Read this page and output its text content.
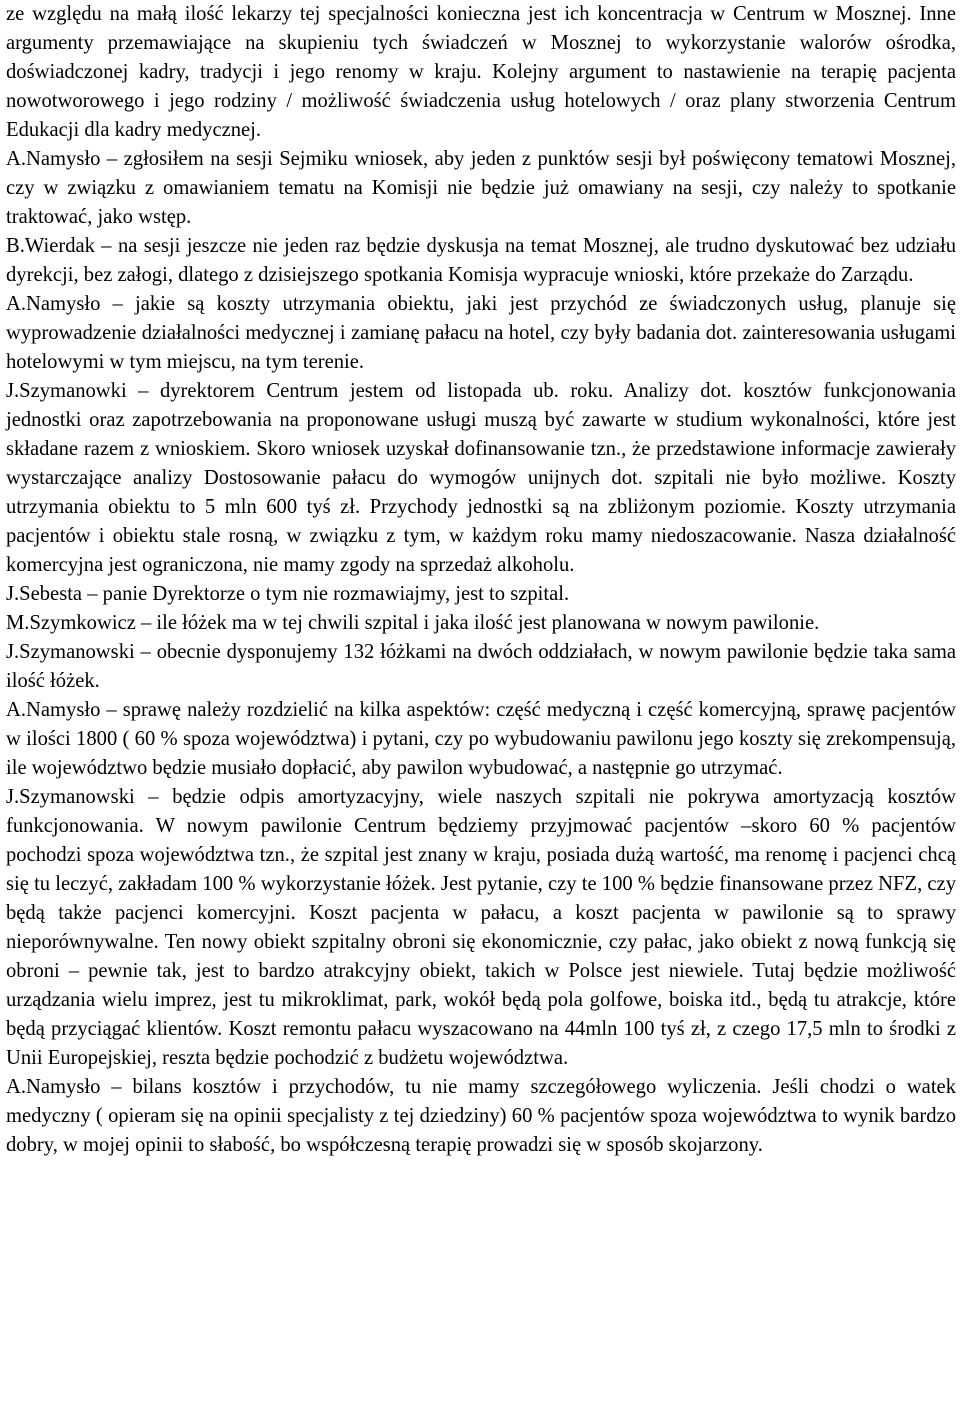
ze względu na małą ilość lekarzy tej specjalności konieczna jest ich koncentracja w Centrum w Mosznej. Inne argumenty przemawiające na skupieniu tych świadczeń w Mosznej to wykorzystanie walorów ośrodka, doświadczonej kadry, tradycji i jego renomy w kraju. Kolejny argument to nastawienie na terapię pacjenta nowotworowego i jego rodziny / możliwość świadczenia usług hotelowych / oraz plany stworzenia Centrum Edukacji dla kadry medycznej.

A.Namysło – zgłosiłem na sesji Sejmiku wniosek, aby jeden z punktów sesji był poświęcony tematowi Mosznej, czy w związku z omawianiem tematu na Komisji nie będzie już omawiany na sesji, czy należy to spotkanie traktować, jako wstęp.

B.Wierdak – na sesji jeszcze nie jeden raz będzie dyskusja na temat Mosznej, ale trudno dyskutować bez udziału dyrekcji, bez załogi, dlatego z dzisiejszego spotkania Komisja wypracuje wnioski, które przekaże do Zarządu.

A.Namysło – jakie są koszty utrzymania obiektu, jaki jest przychód ze świadczonych usług, planuje się wyprowadzenie działalności medycznej i zamianę pałacu na hotel, czy były badania dot. zainteresowania usługami hotelowymi w tym miejscu, na tym terenie.

J.Szymanowki – dyrektorem Centrum jestem od listopada ub. roku. Analizy dot. kosztów funkcjonowania jednostki oraz zapotrzebowania na proponowane usługi muszą być zawarte w studium wykonalności, które jest składane razem z wnioskiem. Skoro wniosek uzyskał dofinansowanie tzn., że przedstawione informacje zawierały wystarczające analizy Dostosowanie pałacu do wymogów unijnych dot. szpitali nie było możliwe. Koszty utrzymania obiektu to 5 mln 600 tyś zł. Przychody jednostki są na zbliżonym poziomie. Koszty utrzymania pacjentów i obiektu stale rosną, w związku z tym, w każdym roku mamy niedoszacowanie. Nasza działalność komercyjna jest ograniczona, nie mamy zgody na sprzedaż alkoholu.

J.Sebesta – panie Dyrektorze o tym nie rozmawiajmy, jest to szpital.

M.Szymkowicz – ile łóżek ma w tej chwili szpital i jaka ilość jest planowana w nowym pawilonie.

J.Szymanowski – obecnie dysponujemy 132 łóżkami na dwóch oddziałach, w nowym pawilonie będzie taka sama ilość łóżek.

A.Namysło – sprawę należy rozdzielić na kilka aspektów: część medyczną i część komercyjną, sprawę pacjentów w ilości 1800 ( 60 % spoza województwa) i pytani, czy po wybudowaniu pawilonu jego koszty się zrekompensują, ile województwo będzie musiało dopłacić, aby pawilon wybudować, a następnie go utrzymać.

J.Szymanowski – będzie odpis amortyzacyjny, wiele naszych szpitali nie pokrywa amortyzacją kosztów funkcjonowania. W nowym pawilonie Centrum będziemy przyjmować pacjentów –skoro 60 % pacjentów pochodzi spoza województwa tzn., że szpital jest znany w kraju, posiada dużą wartość, ma renomę i pacjenci chcą się tu leczyć, zakładam 100 % wykorzystanie łóżek. Jest pytanie, czy te 100 % będzie finansowane przez NFZ, czy będą także pacjenci komercyjni. Koszt pacjenta w pałacu, a koszt pacjenta w pawilonie są to sprawy nieporównywalne. Ten nowy obiekt szpitalny obroni się ekonomicznie, czy pałac, jako obiekt z nową funkcją się obroni – pewnie tak, jest to bardzo atrakcyjny obiekt, takich w Polsce jest niewiele. Tutaj będzie możliwość urządzania wielu imprez, jest tu mikroklimat, park, wokół będą pola golfowe, boiska itd., będą tu atrakcje, które będą przyciągać klientów. Koszt remontu pałacu wyszacowano na 44mln 100 tyś zł, z czego 17,5 mln to środki z Unii Europejskiej, reszta będzie pochodzić z budżetu województwa.

A.Namysło – bilans kosztów i przychodów, tu nie mamy szczegółowego wyliczenia. Jeśli chodzi o watek medyczny ( opieram się na opinii specjalisty z tej dziedziny) 60 % pacjentów spoza województwa to wynik bardzo dobry, w mojej opinii to słabość, bo współczesną terapię prowadzi się w sposób skojarzony.
